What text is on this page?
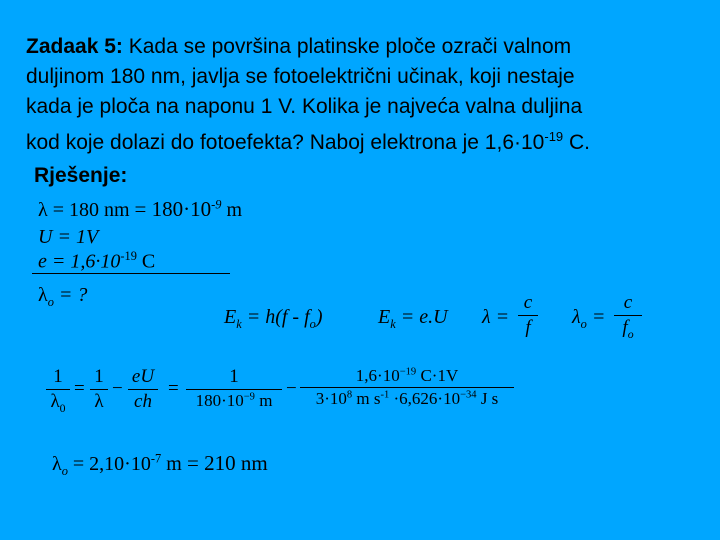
Zadaak 5: Kada se površina platinske ploče ozrači valnom
duljinom 180 nm, javlja se fotoelektrični učinak, koji nestaje
kada je ploča na naponu 1 V. Kolika je najveća valna duljina
kod koje dolazi do fotoefekta? Naboj elektrona je $1,6\cdot 10^{-19}$ C.
Rješenje:
λ = 180 nm = $180\cdot 10^{-9}$ m
U = 1V
$e = 1,6\cdot 10^{-19}$ C
$\lambda_o$ = ?
$E_k = h(f - f_o)$	$E_k = e.U$ λ =
c
f	$\lambda_o$ =
c
$f_o$
1
$\lambda_0$
=
1
λ
−
eU
ch
=
1
$180\cdot 10^{-9}$ m
−
$1,6\cdot 10^{-19}$ C·1V
$3\cdot 10^8$ m $s^{-1} \cdot 6,626\cdot 10^{-34}$ J s
$\lambda_o = 2,10\cdot 10^{-7}$ m = 210 nm
